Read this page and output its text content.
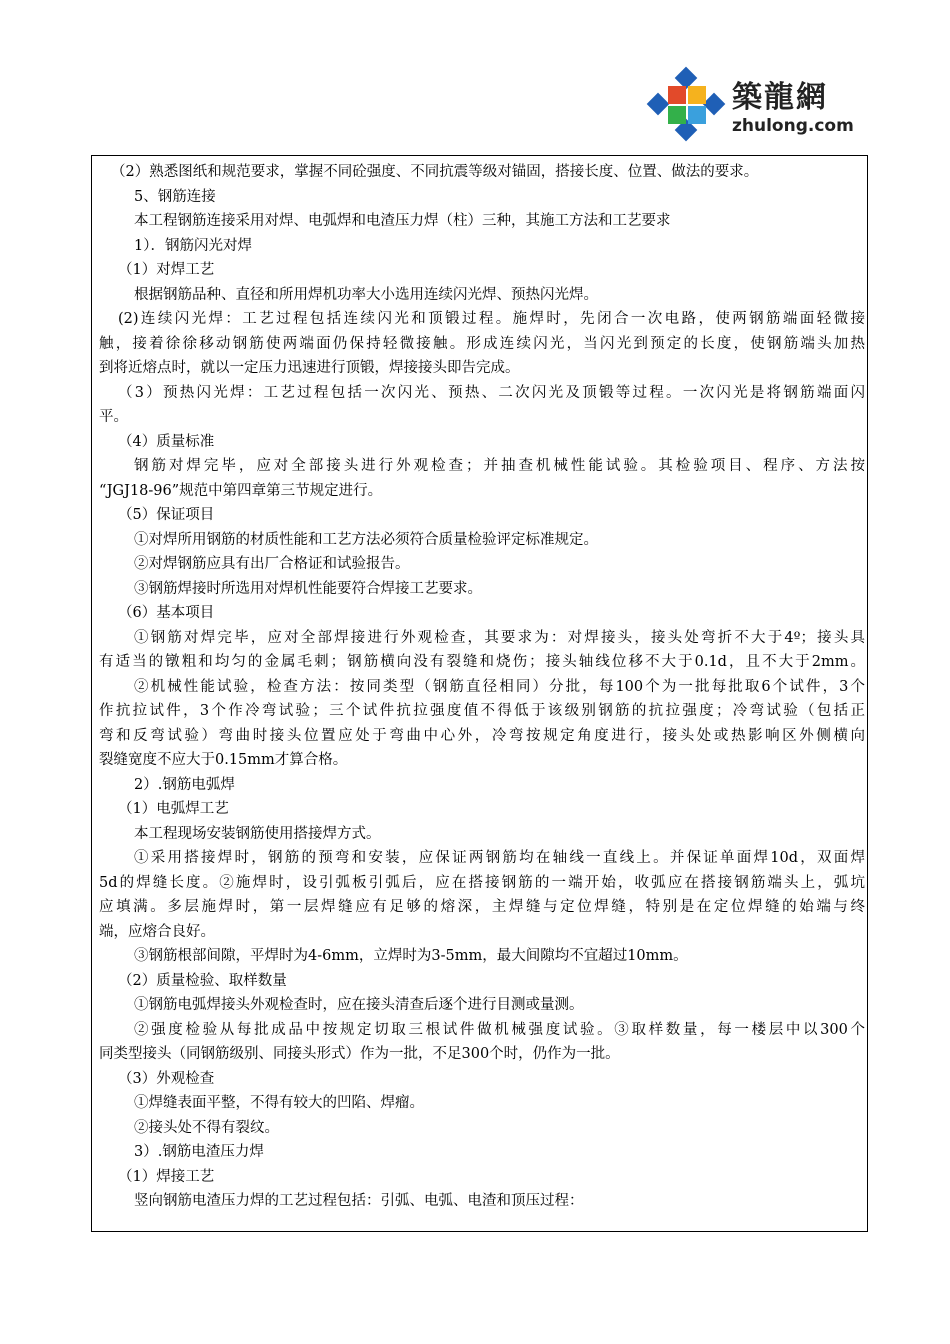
築龍網
zhulong.com
（2）熟悉图纸和规范要求，掌握不同砼强度、不同抗震等级对锚固，搭接长度、位置、做法的要求。
5、钢筋连接
本工程钢筋连接采用对焊、电弧焊和电渣压力焊（柱）三种，其施工方法和工艺要求
1）．钢筋闪光对焊
（1）对焊工艺
根据钢筋品种、直径和所用焊机功率大小选用连续闪光焊、预热闪光焊。
(2)连续闪光焊：工艺过程包括连续闪光和顶锻过程。施焊时，先闭合一次电路，使两钢筋端面轻微接
触，接着徐徐移动钢筋使两端面仍保持轻微接触。形成连续闪光，当闪光到预定的长度，使钢筋端头加热
到将近熔点时，就以一定压力迅速进行顶锻，焊接接头即告完成。
（3）预热闪光焊：工艺过程包括一次闪光、预热、二次闪光及顶锻等过程。一次闪光是将钢筋端面闪
平。
（4）质量标准
钢筋对焊完毕，应对全部接头进行外观检查；并抽查机械性能试验。其检验项目、程序、方法按
“JGJ18-96”规范中第四章第三节规定进行。
（5）保证项目
①对焊所用钢筋的材质性能和工艺方法必须符合质量检验评定标准规定。
②对焊钢筋应具有出厂合格证和试验报告。
③钢筋焊接时所选用对焊机性能要符合焊接工艺要求。
（6）基本项目
①钢筋对焊完毕，应对全部焊接进行外观检查，其要求为：对焊接头，接头处弯折不大于4º；接头具
有适当的镦粗和均匀的金属毛刺；钢筋横向没有裂缝和烧伤；接头轴线位移不大于0.1d，且不大于2mm。
②机械性能试验，检查方法：按同类型（钢筋直径相同）分批，每100个为一批每批取6个试件，3个
作抗拉试件，3个作冷弯试验；三个试件抗拉强度值不得低于该级别钢筋的抗拉强度；冷弯试验（包括正
弯和反弯试验）弯曲时接头位置应处于弯曲中心外，冷弯按规定角度进行，接头处或热影响区外侧横向
裂缝宽度不应大于0.15mm才算合格。
2）.钢筋电弧焊
（1）电弧焊工艺
本工程现场安装钢筋使用搭接焊方式。
①采用搭接焊时，钢筋的预弯和安装，应保证两钢筋均在轴线一直线上。并保证单面焊10d，双面焊
5d的焊缝长度。②施焊时，设引弧板引弧后，应在搭接钢筋的一端开始，收弧应在搭接钢筋端头上，弧坑
应填满。多层施焊时，第一层焊缝应有足够的熔深，主焊缝与定位焊缝，特别是在定位焊缝的始端与终
端，应熔合良好。
③钢筋根部间隙，平焊时为4-6mm，立焊时为3-5mm，最大间隙均不宜超过10mm。
（2）质量检验、取样数量
①钢筋电弧焊接头外观检查时，应在接头清查后逐个进行目测或量测。
②强度检验从每批成品中按规定切取三根试件做机械强度试验。③取样数量，每一楼层中以300个
同类型接头（同钢筋级别、同接头形式）作为一批，不足300个时，仍作为一批。
（3）外观检查
①焊缝表面平整，不得有较大的凹陷、焊瘤。
②接头处不得有裂纹。
3）.钢筋电渣压力焊
（1）焊接工艺
竖向钢筋电渣压力焊的工艺过程包括：引弧、电弧、电渣和顶压过程：
